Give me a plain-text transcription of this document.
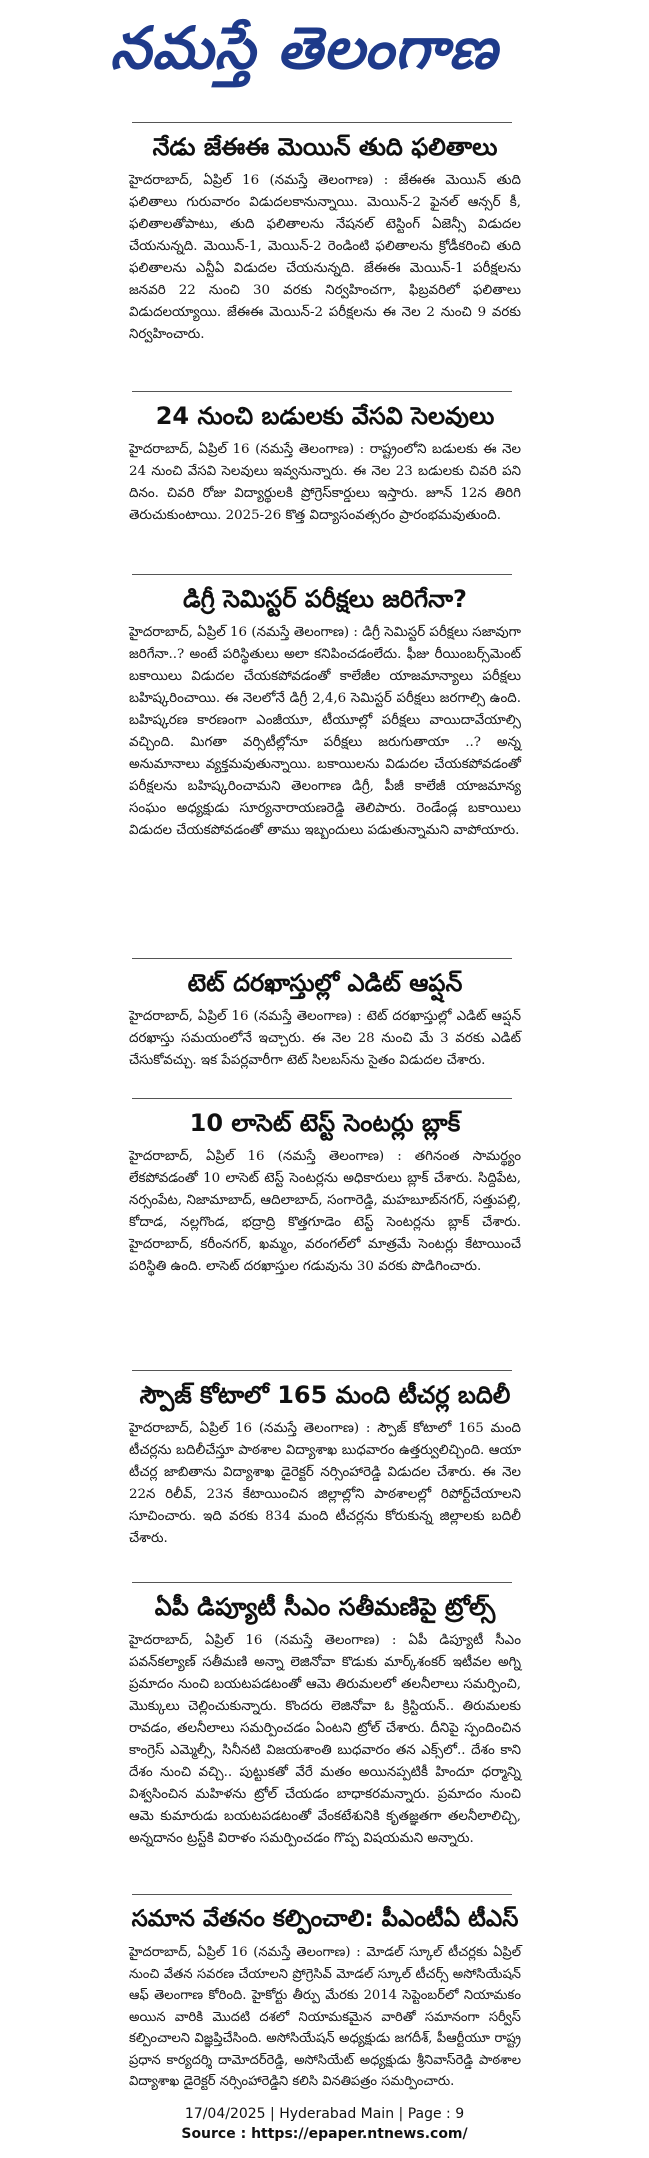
నమస్తే తెలంగాణ
నేడు జేఈఈ మెయిన్ తుది ఫలితాలు

హైదరాబాద్, ఏప్రిల్ 16 (నమస్తే తెలంగాణ) : జేఈఈ మెయిన్ తుది ఫలితాలు గురువారం విడుదలకానున్నాయి. మెయిన్-2 ఫైనల్ ఆన్సర్ కీ, ఫలితాలతోపాటు, తుది ఫలితాలను నేషనల్ టెస్టింగ్ ఏజెన్సీ విడుదల చేయనున్నది. మెయిన్-1, మెయిన్-2 రెండింటి ఫలితాలను క్రోడీకరించి తుది ఫలితాలను ఎన్టీఏ విడుదల చేయనున్నది. జేఈఈ మెయిన్-1 పరీక్షలను జనవరి 22 నుంచి 30 వరకు నిర్వహించగా, ఫిబ్రవరిలో ఫలితాలు విడుదలయ్యాయి. జేఈఈ మెయిన్-2 పరీక్షలను ఈ నెల 2 నుంచి 9 వరకు నిర్వహించారు.

24 నుంచి బడులకు వేసవి సెలవులు

హైదరాబాద్, ఏప్రిల్ 16 (నమస్తే తెలంగాణ) : రాష్ట్రంలోని బడులకు ఈ నెల 24 నుంచి వేసవి సెలవులు ఇవ్వనున్నారు. ఈ నెల 23 బడులకు చివరి పని దినం. చివరి రోజు విద్యార్థులకి ప్రోగ్రెస్‌కార్డులు ఇస్తారు. జూన్ 12న తిరిగి తెరుచుకుంటాయి. 2025-26 కొత్త విద్యాసంవత్సరం ప్రారంభమవుతుంది.

డిగ్రీ సెమిస్టర్ పరీక్షలు జరిగేనా?

హైదరాబాద్, ఏప్రిల్ 16 (నమస్తే తెలంగాణ) : డిగ్రీ సెమిస్టర్ పరీక్షలు సజావుగా జరిగేనా..? అంటే పరిస్థితులు అలా కనిపించడంలేదు. ఫీజు రీయింబర్స్‌మెంట్ బకాయిలు విడుదల చేయకపోవడంతో కాలేజీల యాజమాన్యాలు పరీక్షలు బహిష్కరించాయి. ఈ నెలలోనే డిగ్రీ 2,4,6 సెమిస్టర్ పరీక్షలు జరగాల్సి ఉంది. బహిష్కరణ కారణంగా ఎంజీయూ, టీయూల్లో పరీక్షలు వాయిదావేయాల్సి వచ్చింది. మిగతా వర్సిటీల్లోనూ పరీక్షలు జరుగుతాయా ..? అన్న అనుమానాలు వ్యక్తమవుతున్నాయి. బకాయిలను విడుదల చేయకపోవడంతో పరీక్షలను బహిష్కరించామని తెలంగాణ డిగ్రీ, పీజీ కాలేజీ యాజమాన్య సంఘం అధ్యక్షుడు సూర్యనారాయణరెడ్డి తెలిపారు. రెండేండ్ల బకాయిలు విడుదల చేయకపోవడంతో తాము ఇబ్బందులు పడుతున్నామని వాపోయారు.

టెట్ దరఖాస్తుల్లో ఎడిట్ ఆప్షన్

హైదరాబాద్, ఏప్రిల్ 16 (నమస్తే తెలంగాణ) : టెట్ దరఖాస్తుల్లో ఎడిట్ ఆప్షన్ దరఖాస్తు సమయంలోనే ఇచ్చారు. ఈ నెల 28 నుంచి మే 3 వరకు ఎడిట్ చేసుకోవచ్చు. ఇక పేపర్లవారీగా టెట్ సిలబస్‌ను సైతం విడుదల చేశారు.

10 లాసెట్ టెస్ట్ సెంటర్లు బ్లాక్

హైదరాబాద్, ఏప్రిల్ 16 (నమస్తే తెలంగాణ) : తగినంత సామర్థ్యం లేకపోవడంతో 10 లాసెట్ టెస్ట్ సెంటర్లను అధికారులు బ్లాక్ చేశారు. సిద్దిపేట, నర్సంపేట, నిజామాబాద్, ఆదిలాబాద్, సంగారెడ్డి, మహబూబ్‌నగర్, సత్తుపల్లి, కోదాడ, నల్లగొండ, భద్రాద్రి కొత్తగూడెం టెస్ట్ సెంటర్లను బ్లాక్ చేశారు. హైదరాబాద్, కరీంనగర్, ఖమ్మం, వరంగల్‌లో మాత్రమే సెంటర్లు కేటాయించే పరిస్థితి ఉంది. లాసెట్ దరఖాస్తుల గడువును 30 వరకు పొడిగించారు.

స్పౌజ్ కోటాలో 165 మంది టీచర్ల బదిలీ

హైదరాబాద్, ఏప్రిల్ 16 (నమస్తే తెలంగాణ) : స్పౌజ్ కోటాలో 165 మంది టీచర్లను బదిలీచేస్తూ పాఠశాల విద్యాశాఖ బుధవారం ఉత్తర్వులిచ్చింది. ఆయా టీచర్ల జాబితాను విద్యాశాఖ డైరెక్టర్ నర్సింహారెడ్డి విడుదల చేశారు. ఈ నెల 22న రిలీవ్, 23న కేటాయించిన జిల్లాల్లోని పాఠశాలల్లో రిపోర్ట్‌చేయాలని సూచించారు. ఇది వరకు 834 మంది టీచర్లను కోరుకున్న జిల్లాలకు బదిలీ చేశారు.

ఏపీ డిప్యూటీ సీఎం సతీమణిపై ట్రోల్స్

హైదరాబాద్, ఏప్రిల్ 16 (నమస్తే తెలంగాణ) : ఏపీ డిప్యూటీ సీఎం పవన్‌కల్యాణ్ సతీమణి అన్నా లెజినోవా కొడుకు మార్క్‌శంకర్ ఇటీవల అగ్ని ప్రమాదం నుంచి బయటపడటంతో ఆమె తిరుమలలో తలనీలాలు సమర్పించి, మొక్కులు చెల్లించుకున్నారు. కొందరు లెజినోవా ఓ క్రిస్టియన్.. తిరుమలకు రావడం, తలనీలాలు సమర్పించడం ఏంటని ట్రోల్ చేశారు. దీనిపై స్పందించిన కాంగ్రెస్ ఎమ్మెల్సీ, సినీనటి విజయశాంతి బుధవారం తన ఎక్స్‌లో.. దేశం కాని దేశం నుంచి వచ్చి.. పుట్టుకతో వేరే మతం అయినప్పటికీ హిందూ ధర్మాన్ని విశ్వసించిన మహిళను ట్రోల్ చేయడం బాధాకరమన్నారు. ప్రమాదం నుంచి ఆమె కుమారుడు బయటపడటంతో వేంకటేశునికి కృతజ్ఞతగా తలనీలాలిచ్చి, అన్నదానం ట్రస్ట్‌కి విరాళం సమర్పించడం గొప్ప విషయమని అన్నారు.

సమాన వేతనం కల్పించాలి: పీఎంటీఏ టీఎస్

హైదరాబాద్, ఏప్రిల్ 16 (నమస్తే తెలంగాణ) : మోడల్ స్కూల్ టీచర్లకు ఏప్రిల్ నుంచి వేతన సవరణ చేయాలని ప్రోగ్రెసివ్ మోడల్ స్కూల్ టీచర్స్ అసోసియేషన్ ఆఫ్ తెలంగాణ కోరింది. హైకోర్టు తీర్పు మేరకు 2014 సెప్టెంబర్‌లో నియామకం అయిన వారికి మొదటి దశలో నియామకమైన వారితో సమానంగా సర్వీస్ కల్పించాలని విజ్ఞప్తిచేసింది. అసోసియేషన్ అధ్యక్షుడు జగదీశ్, పీఆర్టీయూ రాష్ట్ర ప్రధాన కార్యదర్శి దామోదర్‌రెడ్డి, అసోసియేట్ అధ్యక్షుడు శ్రీనివాస్‌రెడ్డి పాఠశాల విద్యాశాఖ డైరెక్టర్ నర్సింహారెడ్డిని కలిసి వినతిపత్రం సమర్పించారు.

17/04/2025 | Hyderabad Main | Page : 9
Source : https://epaper.ntnews.com/
